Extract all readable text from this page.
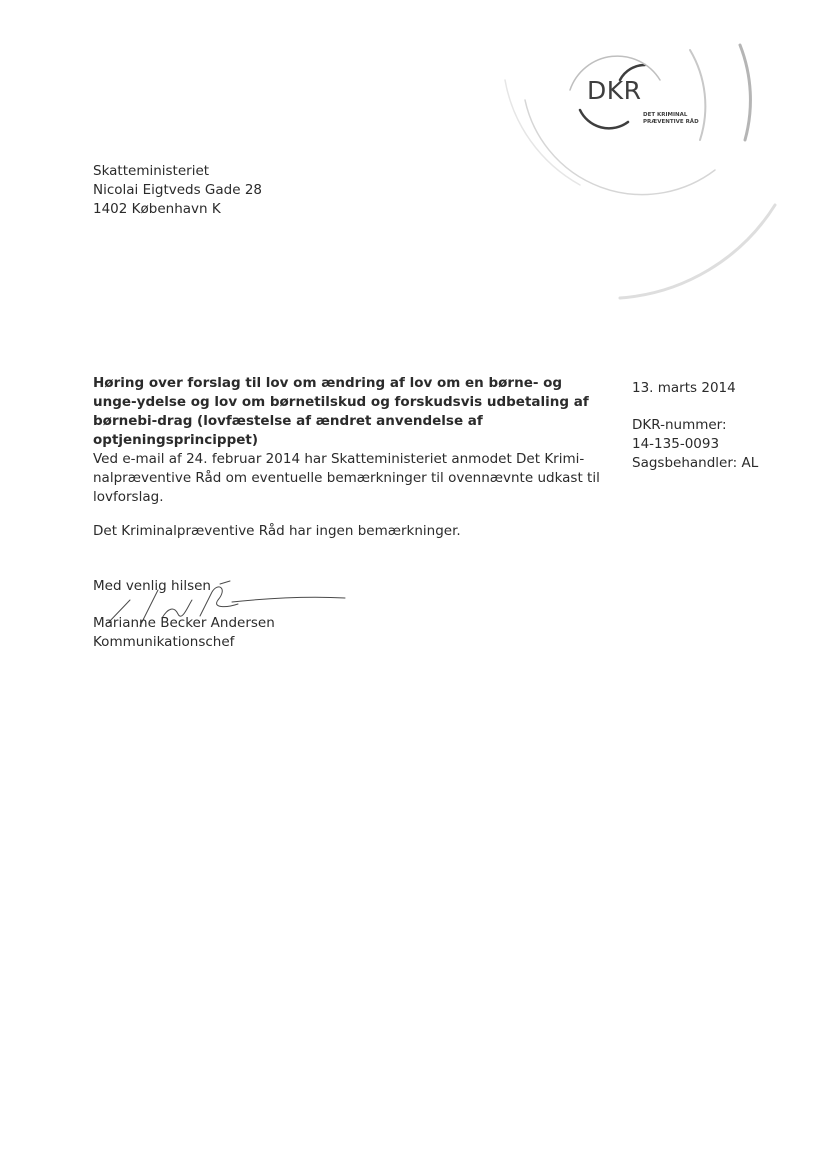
DKR
DET KRIMINAL
PRÆVENTIVE RÅD
Skatteministeriet
Nicolai Eigtveds Gade 28
1402 København K
Høring over forslag til lov om ændring af lov om en børne- og unge-ydelse og lov om børnetilskud og forskudsvis udbetaling af børnebi-drag (lovfæstelse af ændret anvendelse af optjeningsprincippet)
13. marts 2014
DKR-nummer:
14-135-0093
Sagsbehandler: AL
Ved e-mail af 24. februar 2014 har Skatteministeriet anmodet Det Krimi-nalpræventive Råd om eventuelle bemærkninger til ovennævnte udkast til lovforslag.
Det Kriminalpræventive Råd har ingen bemærkninger.
Med venlig hilsen
Marianne Becker Andersen
Kommunikationschef
